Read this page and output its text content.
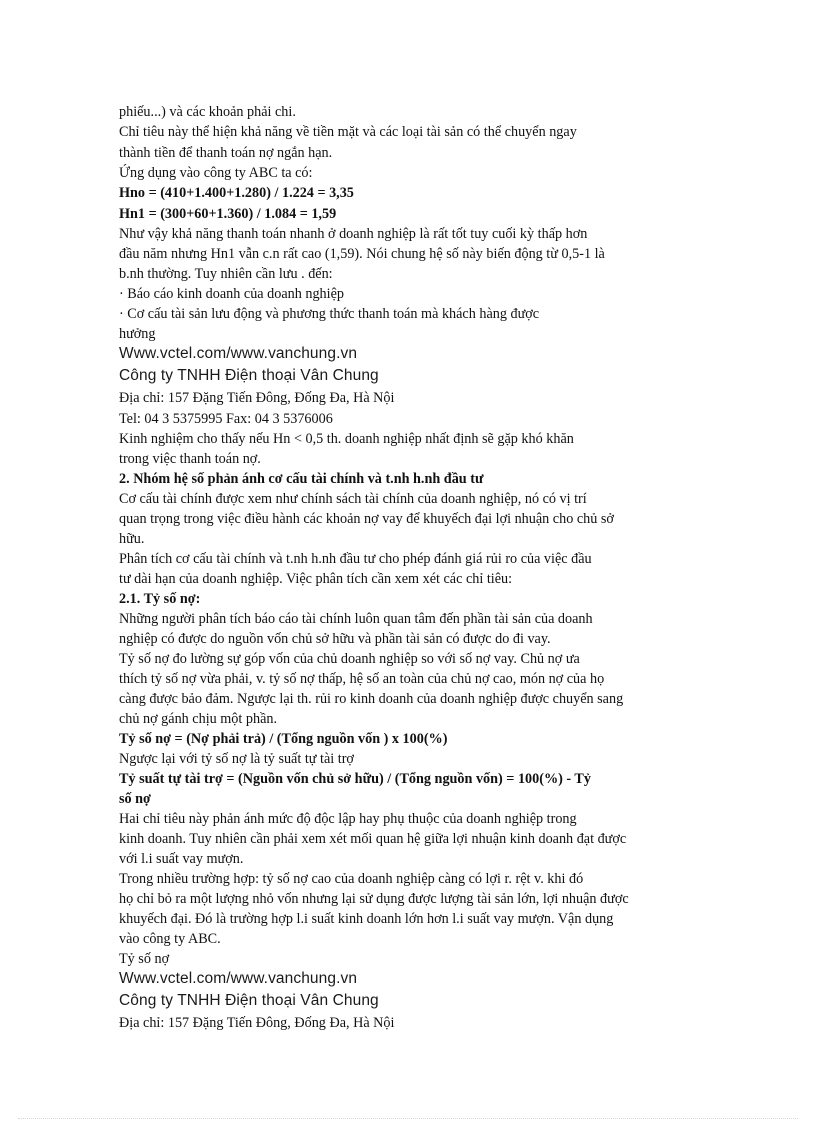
phiếu...) và các khoản phải chi.
Chỉ tiêu này thể hiện khả năng về tiền mặt và các loại tài sản có thể chuyển ngay
thành tiền để thanh toán nợ ngắn hạn.
Ứng dụng vào công ty ABC ta có:
Hno = (410+1.400+1.280) / 1.224 = 3,35
Hn1 = (300+60+1.360) / 1.084 = 1,59
Như vậy khả năng thanh toán nhanh ở doanh nghiệp là rất tốt tuy cuối kỳ thấp hơn
đầu năm nhưng Hn1 vẫn c.n rất cao (1,59). Nói chung hệ số này biến động từ 0,5-1 là
b.nh thường. Tuy nhiên cần lưu . đến:
· Báo cáo kinh doanh của doanh nghiệp
· Cơ cấu tài sản lưu động và phương thức thanh toán mà khách hàng được
hưởng
Www.vctel.com/www.vanchung.vn
Công ty TNHH Điện thoại Vân Chung
Địa chỉ: 157 Đặng Tiến Đông, Đống Đa, Hà Nội
Tel: 04 3 5375995 Fax: 04 3 5376006
Kinh nghiệm cho thấy nếu Hn < 0,5 th. doanh nghiệp nhất định sẽ gặp khó khăn
trong việc thanh toán nợ.
2. Nhóm hệ số phản ánh cơ cấu tài chính và t.nh h.nh đầu tư
Cơ cấu tài chính được xem như chính sách tài chính của doanh nghiệp, nó có vị trí
quan trọng trong việc điều hành các khoản nợ vay để khuyếch đại lợi nhuận cho chủ sở
hữu.
Phân tích cơ cấu tài chính và t.nh h.nh đầu tư cho phép đánh giá rủi ro của việc đầu
tư dài hạn của doanh nghiệp. Việc phân tích cần xem xét các chỉ tiêu:
2.1. Tỷ số nợ:
Những người phân tích báo cáo tài chính luôn quan tâm đến phần tài sản của doanh
nghiệp có được do nguồn vốn chủ sở hữu và phần tài sản có được do đi vay.
Tỷ số nợ đo lường sự góp vốn của chủ doanh nghiệp so với số nợ vay. Chủ nợ ưa
thích tỷ số nợ vừa phải, v. tỷ số nợ thấp, hệ số an toàn của chủ nợ cao, món nợ của họ
càng được bảo đảm. Ngược lại th. rủi ro kinh doanh của doanh nghiệp được chuyển sang
chủ nợ gánh chịu một phần.
Tỷ số nợ = (Nợ phải trả) / (Tổng nguồn vốn ) x 100(%)
Ngược lại với tỷ số nợ là tỷ suất tự tài trợ
Tỷ suất tự tài trợ = (Nguồn vốn chủ sở hữu) / (Tổng nguồn vốn) = 100(%) - Tỷ
số nợ
Hai chỉ tiêu này phản ánh mức độ độc lập hay phụ thuộc của doanh nghiệp trong
kinh doanh. Tuy nhiên cần phải xem xét mối quan hệ giữa lợi nhuận kinh doanh đạt được
với l.i suất vay mượn.
Trong nhiều trường hợp: tỷ số nợ cao của doanh nghiệp càng có lợi r. rệt v. khi đó
họ chỉ bỏ ra một lượng nhỏ vốn nhưng lại sử dụng được lượng tài sản lớn, lợi nhuận được
khuyếch đại. Đó là trường hợp l.i suất kinh doanh lớn hơn l.i suất vay mượn. Vận dụng
vào công ty ABC.
Tỷ số nợ
Www.vctel.com/www.vanchung.vn
Công ty TNHH Điện thoại Vân Chung
Địa chỉ: 157 Đặng Tiến Đông, Đống Đa, Hà Nội
